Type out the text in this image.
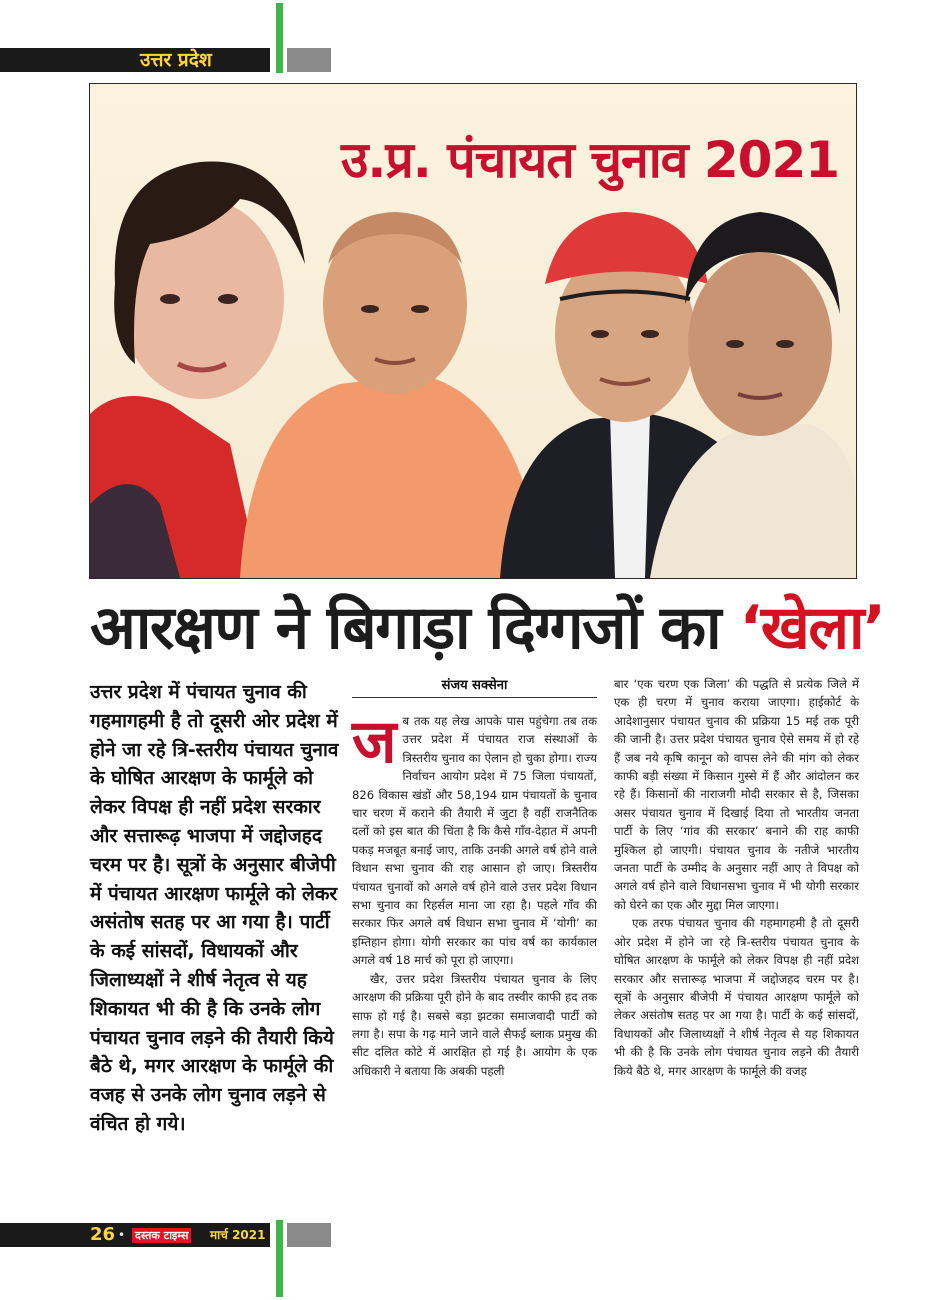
उत्तर प्रदेश
उ.प्र. पंचायत चुनाव 2021
आरक्षण ने बिगाड़ा दिग्गजों का ‘खेला’
उत्तर प्रदेश में पंचायत चुनाव की गहमागहमी है तो दूसरी ओर प्रदेश में होने जा रहे त्रि-स्तरीय पंचायत चुनाव के घोषित आरक्षण के फार्मूले को लेकर विपक्ष ही नहीं प्रदेश सरकार और सत्तारूढ़ भाजपा में जद्दोजहद चरम पर है। सूत्रों के अनुसार बीजेपी में पंचायत आरक्षण फार्मूले को लेकर असंतोष सतह पर आ गया है। पार्टी के कई सांसदों, विधायकों और जिलाध्यक्षों ने शीर्ष नेतृत्व से यह शिकायत भी की है कि उनके लोग पंचायत चुनाव लड़ने की तैयारी किये बैठे थे, मगर आरक्षण के फार्मूले की वजह से उनके लोग चुनाव लड़ने से वंचित हो गये।
संजय सक्सेना

जब तक यह लेख आपके पास पहुंचेगा तब तक उत्तर प्रदेश में पंचायत राज संस्थाओं के त्रिस्तरीय चुनाव का ऐलान हो चुका होगा। राज्य निर्वाचन आयोग प्रदेश में 75 जिला पंचायतों, 826 विकास खंडों और 58,194 ग्राम पंचायतों के चुनाव चार चरण में कराने की तैयारी में जुटा है वहीं राजनैतिक दलों को इस बात की चिंता है कि कैसे गाँव-देहात में अपनी पकड़ मजबूत बनाई जाए, ताकि उनकी अगले वर्ष होने वाले विधान सभा चुनाव की राह आसान हो जाए। त्रिस्तरीय पंचायत चुनावों को अगले वर्ष होने वाले उत्तर प्रदेश विधान सभा चुनाव का रिहर्सल माना जा रहा है। पहले गाँव की सरकार फिर अगले वर्ष विधान सभा चुनाव में ‘योगी’ का इम्तिहान होगा। योगी सरकार का पांच वर्ष का कार्यकाल अगले वर्ष 18 मार्च को पूरा हो जाएगा।

खैर, उत्तर प्रदेश त्रिस्तरीय पंचायत चुनाव के लिए आरक्षण की प्रक्रिया पूरी होने के बाद तस्वीर काफी हद तक साफ हो गई है। सबसे बड़ा झटका समाजवादी पार्टी को लगा है। सपा के गढ़ माने जाने वाले सैफई ब्लाक प्रमुख की सीट दलित कोटे में आरक्षित हो गई है। आयोग के एक अधिकारी ने बताया कि अबकी पहली

बार ‘एक चरण एक जिला’ की पद्धति से प्रत्येक जिले में एक ही चरण में चुनाव कराया जाएगा। हाईकोर्ट के आदेशानुसार पंचायत चुनाव की प्रक्रिया 15 मई तक पूरी की जानी है। उत्तर प्रदेश पंचायत चुनाव ऐसे समय में हो रहे हैं जब नये कृषि कानून को वापस लेने की मांग को लेकर काफी बड़ी संख्या में किसान गुस्से में हैं और आंदोलन कर रहे हैं। किसानों की नाराजगी मोदी सरकार से है, जिसका असर पंचायत चुनाव में दिखाई दिया तो भारतीय जनता पार्टी के लिए ‘गांव की सरकार’ बनाने की राह काफी मुश्किल हो जाएगी। पंचायत चुनाव के नतीजे भारतीय जनता पार्टी के उम्मीद के अनुसार नहीं आए ते विपक्ष को अगले वर्ष होने वाले विधानसभा चुनाव में भी योगी सरकार को घेरने का एक और मुद्दा मिल जाएगा।

एक तरफ पंचायत चुनाव की गहमागहमी है तो दूसरी ओर प्रदेश में होने जा रहे त्रि-स्तरीय पंचायत चुनाव के घोषित आरक्षण के फार्मूले को लेकर विपक्ष ही नहीं प्रदेश सरकार और सत्तारूढ़ भाजपा में जद्दोजहद चरम पर है। सूत्रों के अनुसार बीजेपी में पंचायत आरक्षण फार्मूले को लेकर असंतोष सतह पर आ गया है। पार्टी के कई सांसदों, विधायकों और जिलाध्यक्षों ने शीर्ष नेतृत्व से यह शिकायत भी की है कि उनके लोग पंचायत चुनाव लड़ने की तैयारी किये बैठे थे, मगर आरक्षण के फार्मूले की वजह

26 • दस्तक टाइम्स मार्च 2021
